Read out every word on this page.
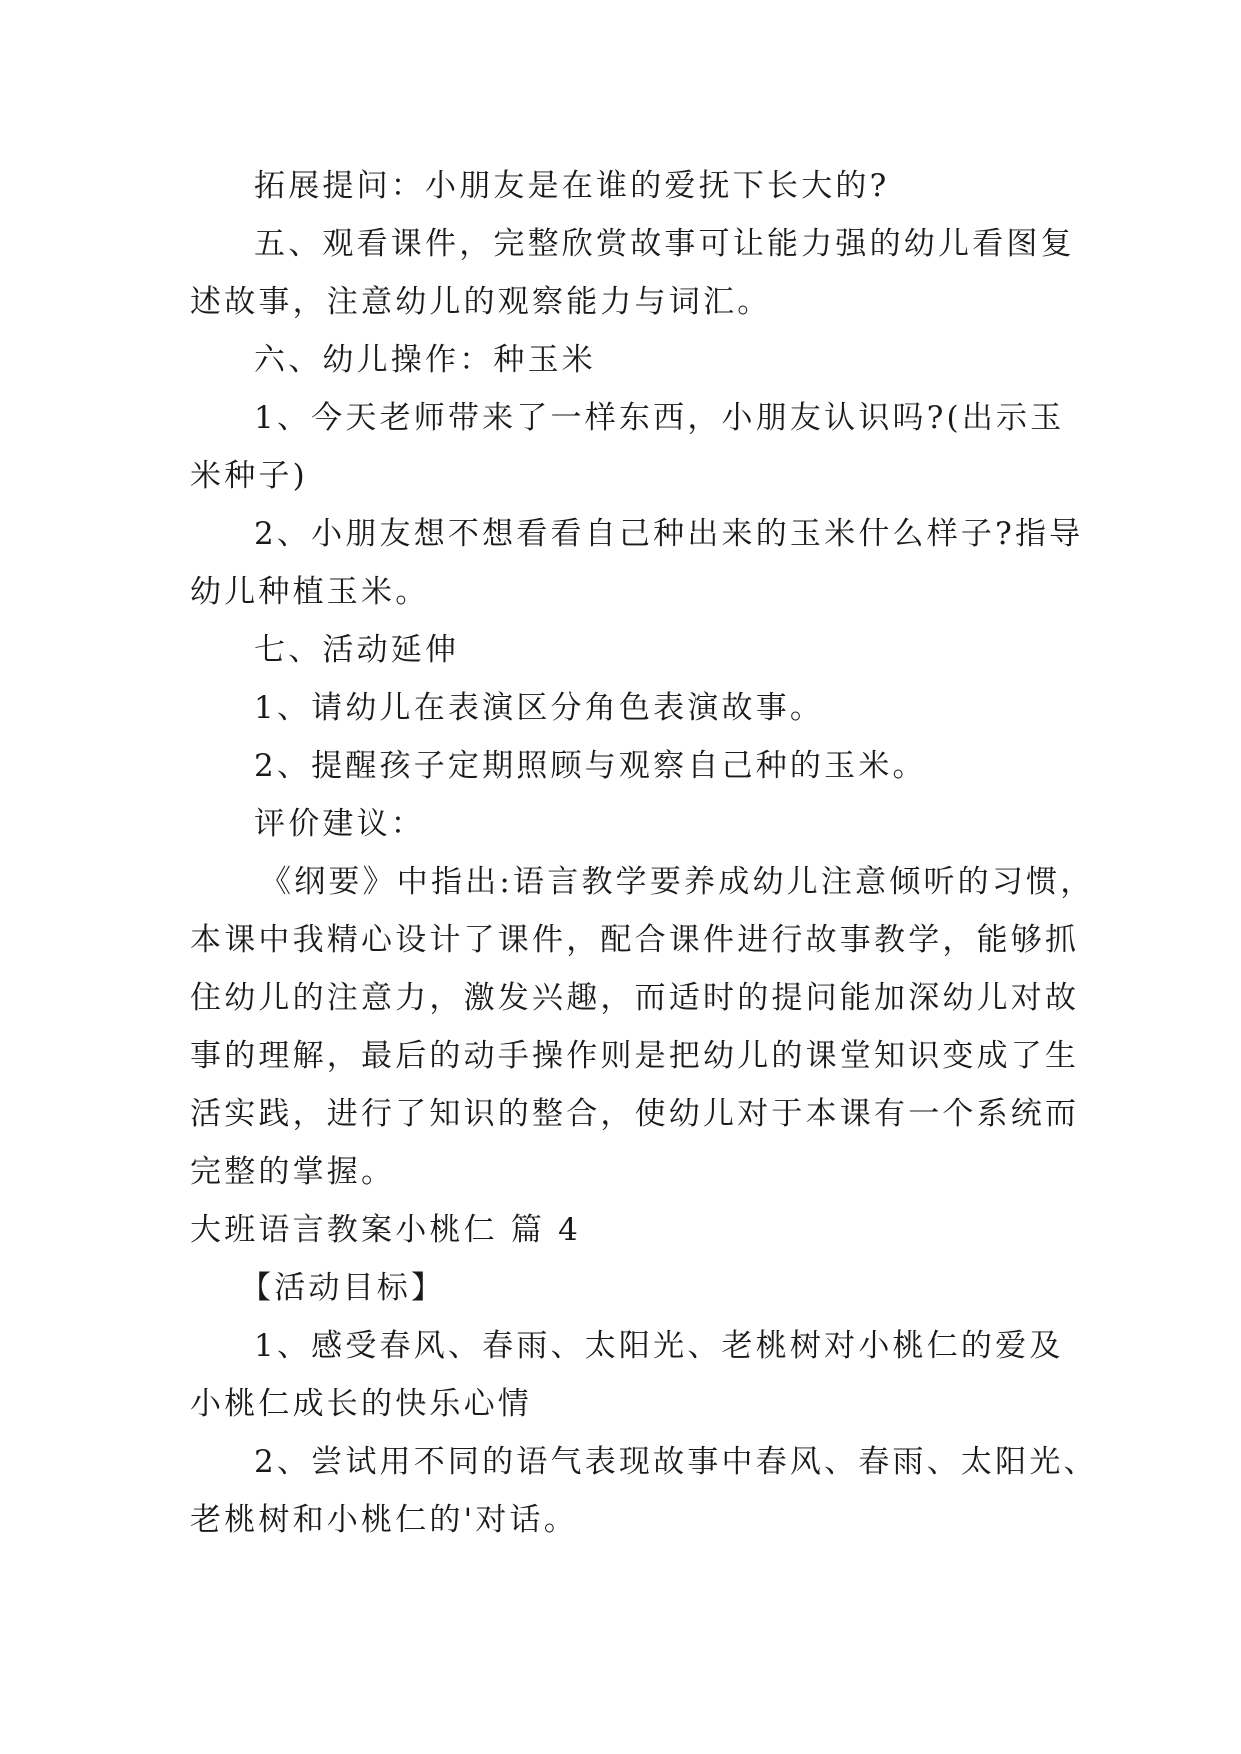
拓展提问：小朋友是在谁的爱抚下长大的?
五、观看课件，完整欣赏故事可让能力强的幼儿看图复
述故事，注意幼儿的观察能力与词汇。
六、幼儿操作：种玉米
1、今天老师带来了一样东西，小朋友认识吗?(出示玉
米种子)
2、小朋友想不想看看自己种出来的玉米什么样子?指导
幼儿种植玉米。
七、活动延伸
1、请幼儿在表演区分角色表演故事。
2、提醒孩子定期照顾与观察自己种的玉米。
评价建议：
《纲要》中指出:语言教学要养成幼儿注意倾听的习惯，
本课中我精心设计了课件，配合课件进行故事教学，能够抓
住幼儿的注意力，激发兴趣，而适时的提问能加深幼儿对故
事的理解，最后的动手操作则是把幼儿的课堂知识变成了生
活实践，进行了知识的整合，使幼儿对于本课有一个系统而
完整的掌握。
大班语言教案小桃仁 篇 4
【活动目标】
1、感受春风、春雨、太阳光、老桃树对小桃仁的爱及
小桃仁成长的快乐心情
2、尝试用不同的语气表现故事中春风、春雨、太阳光、
老桃树和小桃仁的'对话。
